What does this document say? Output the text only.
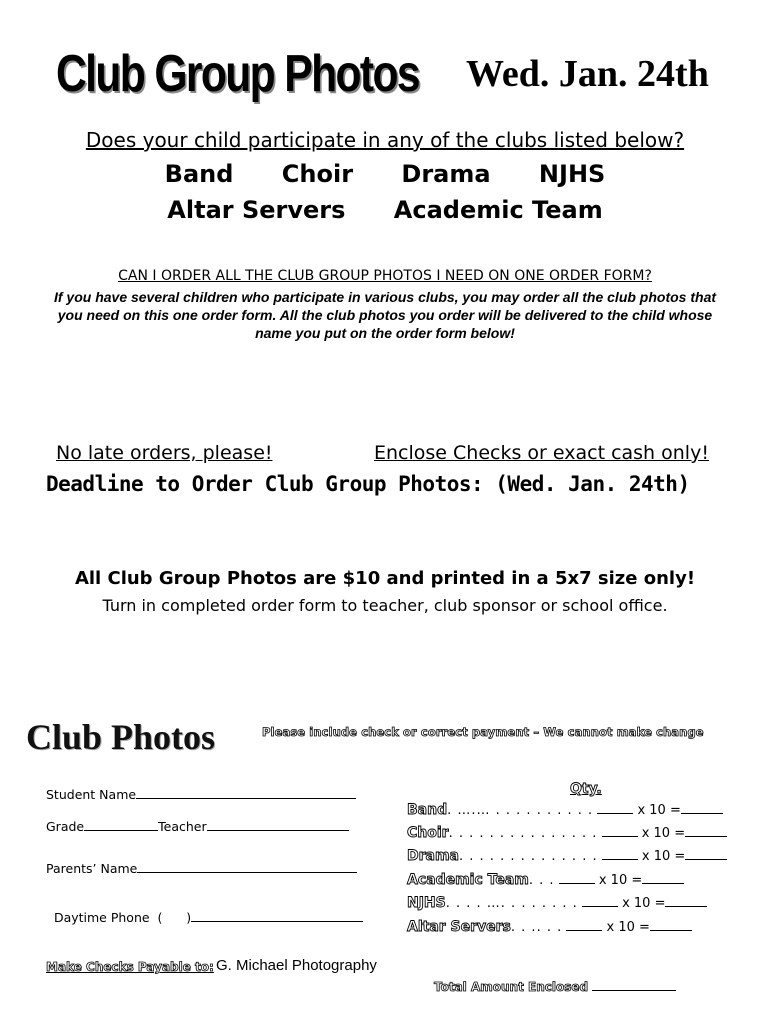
Club Group Photos Wed. Jan. 24th
Does your child participate in any of the clubs listed below?
Band Choir Drama NJHS
Altar Servers Academic Team
CAN I ORDER ALL THE CLUB GROUP PHOTOS I NEED ON ONE ORDER FORM?
If you have several children who participate in various clubs, you may order all the club photos that you need on this one order form. All the club photos you order will be delivered to the child whose name you put on the order form below!
No late orders, please!	Enclose Checks or exact cash only!
Deadline to Order Club Group Photos: (Wed. Jan. 24th)
All Club Group Photos are $10 and printed in a 5x7 size only!
Turn in completed order form to teacher, club sponsor or school office.
Club Photos	Please include check or correct payment – We cannot make change
Student Name
Grade	Teacher
Parents’ Name

Daytime Phone  (      )

Qty.
Band. ….… . . . . . . . . . .	x 10 =
Choir. . . . . . . . . . . . . . .	x 10 =
Drama. . . . . . . . . . . . . .	x 10 =
Academic Team. . .	x 10 =
NJHS. . . . …. . . . . . . .	x 10 =
Altar Servers. . .. . .	x 10 =
Make Checks Payable to: G. Michael Photography
Total Amount Enclosed
